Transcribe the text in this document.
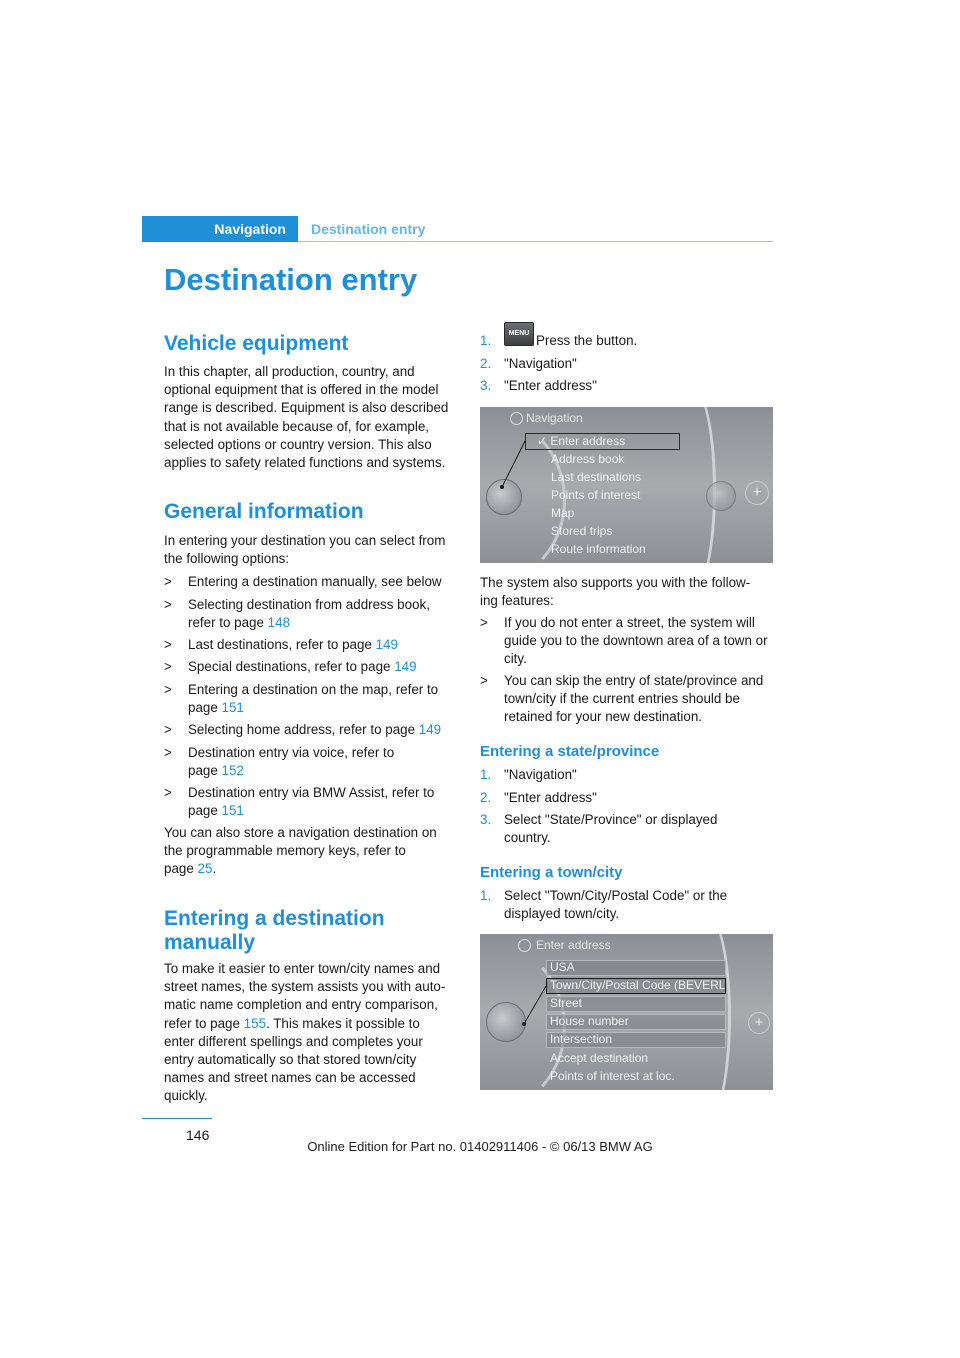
Navigation	Destination entry
Destination entry
Vehicle equipment
In this chapter, all production, country, and
optional equipment that is offered in the model
range is described. Equipment is also described
that is not available because of, for example,
selected options or country version. This also
applies to safety related functions and systems.
General information
In entering your destination you can select from
the following options:
> Entering a destination manually, see below
> Selecting destination from address book,
refer to page 148
> Last destinations, refer to page 149
> Special destinations, refer to page 149
> Entering a destination on the map, refer to
page 151
> Selecting home address, refer to page 149
> Destination entry via voice, refer to
page 152
> Destination entry via BMW Assist, refer to
page 151
You can also store a navigation destination on
the programmable memory keys, refer to
page 25.
Entering a destination
manually
To make it easier to enter town/city names and
street names, the system assists you with auto-
matic name completion and entry comparison,
refer to page 155. This makes it possible to
enter different spellings and completes your
entry automatically so that stored town/city
names and street names can be accessed
quickly.
1.	MENU Press the button.
2. "Navigation"
3. "Enter address"
Navigation
+
✓ Enter address
Address book
Last destinations
Points of interest
Map
Stored trips
Route information
The system also supports you with the follow-
ing features:
> If you do not enter a street, the system will
guide you to the downtown area of a town or
city.
> You can skip the entry of state/province and
town/city if the current entries should be
retained for your new destination.
Entering a state/province
1. "Navigation"
2. "Enter address"
3. Select "State/Province" or displayed
country.
Entering a town/city
1. Select "Town/City/Postal Code" or the
displayed town/city.
Enter address
+
USA
Town/City/Postal Code (BEVERL
Street
House number
Intersection
Accept destination
Points of interest at loc.
146
Online Edition for Part no. 01402911406 - © 06/13 BMW AG
